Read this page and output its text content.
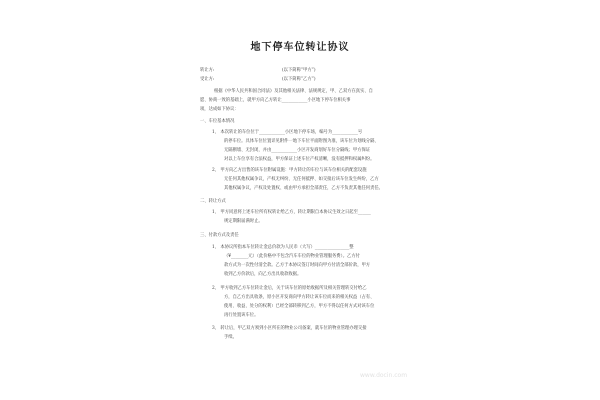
地下停车位转让协议
转让方:	(以下简称“甲方”)
受让方:	(以下简称“乙方”)
根据《中华人民共和国合同法》及其他相关法律、法规规定，甲、乙双方在真实、自
愿、协商一致的基础上，就甲方向乙方转让____________小区地下停车位相关事
项，达成如下协议：
一、车位基本情况
1、 本次转让的车位位于____________小区地下停车场，编号为____________号
的停车位。具体车位位置详见附件一地下车位平面附图为准，该车位为划线分隔、
无隔断墙、无封闭，并由____________小区开发商划好车位分隔线；甲方保证
对以上车位享有合法权益，甲方保证上述车位产权清晰，没有抵押和权属纠纷。
2、 甲方向乙方出售的该车位附属设施：甲方转让的车位与该车位相关的配套设施
无任何其他权属争议，产权无纠纷、无任何抵押、如交接后该车位发生纠纷，乙方
其他权属争议，产权及处置权、或由甲方承担全部责任，乙方不负责其他任何责任。
二、转让方式
1、 甲方同意将上述车位所有权转让给乙方，转让期限自本协议生效之日起至______
规定期限届满时止。
三、付款方式及责任
1、 本协议所指本车位转让金总价款为人民币（大写）________________整
（¥________元）（此价格中不包含汽车车位的物业管理服务费）。乙方付
款方式为一次性付清全款。乙方于本协议签订时间向甲方付清全部价款，甲方
收到乙方价款后，向乙方出具收款收据。
2、 甲方收到乙方车位转让金后，关于该车位的原始收据所及相关管理转交付给乙
方，自乙方出具收条，原小区开发商向甲方转让该车位而来的相关权益（占有、
使用、收益、处分的权利）已经全部转移到乙方，甲方不得以任何方式对该车位
再行处置该车位。
3、 转让后，甲乙双方须到小区所在的物业公司备案，就车位的物业管理办理交接
手续。
www.docin.com
